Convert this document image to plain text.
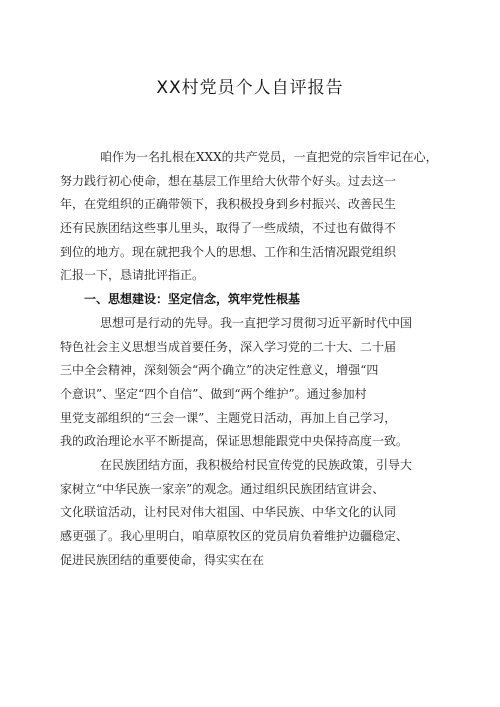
XX村党员个人自评报告
咱作为一名扎根在XXX的共产党员，一直把党的宗旨牢记在心，
努力践行初心使命，想在基层工作里给大伙带个好头。过去这一
年，在党组织的正确带领下，我积极投身到乡村振兴、改善民生
还有民族团结这些事儿里头，取得了一些成绩，不过也有做得不
到位的地方。现在就把我个人的思想、工作和生活情况跟党组织
汇报一下，恳请批评指正。
一、思想建设：坚定信念，筑牢党性根基
思想可是行动的先导。我一直把学习贯彻习近平新时代中国
特色社会主义思想当成首要任务，深入学习党的二十大、二十届
三中全会精神，深刻领会“两个确立”的决定性意义，增强“四
个意识”、坚定“四个自信”、做到“两个维护”。通过参加村
里党支部组织的“三会一课”、主题党日活动，再加上自己学习，
我的政治理论水平不断提高，保证思想能跟党中央保持高度一致。
在民族团结方面，我积极给村民宣传党的民族政策，引导大
家树立“中华民族一家亲”的观念。通过组织民族团结宣讲会、
文化联谊活动，让村民对伟大祖国、中华民族、中华文化的认同
感更强了。我心里明白，咱草原牧区的党员肩负着维护边疆稳定、
促进民族团结的重要使命，得实实在在
